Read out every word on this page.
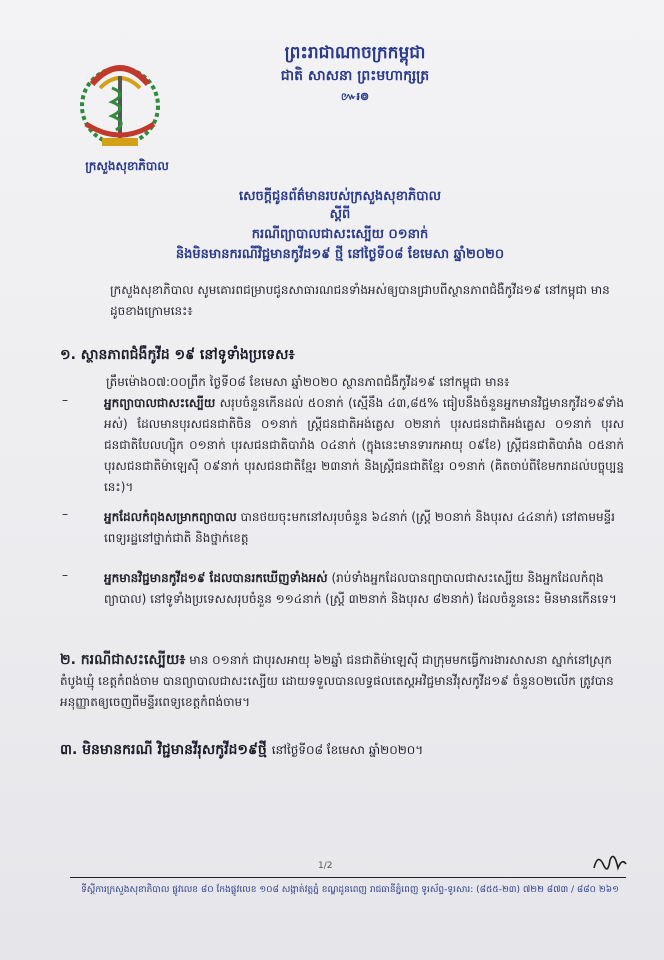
ក្រសួងសុខាភិបាល
ព្រះរាជាណាចក្រកម្ពុជា
ជាតិ សាសនា ព្រះមហាក្សត្រ
៚៛៙
សេចក្តីជូនព័ត៌មានរបស់ក្រសួងសុខាភិបាល
ស្តីពី
ករណីព្យាបាលជាសះស្បើយ ០១នាក់
និងមិនមានករណីវិជ្ជមានកូវីដ១៩ ថ្មី នៅថ្ងៃទី០៨ ខែមេសា ឆ្នាំ២០២០
ក្រសួងសុខាភិបាល សូមគោរពជម្រាបជូនសាធារណជនទាំងអស់ឲ្យបានជ្រាបពីស្ថានភាពជំងឺកូវីដ១៩ នៅកម្ពុជា មានដូចខាងក្រោមនេះ៖
១. ស្ថានភាពជំងឺកូវីដ ១៩ នៅទូទាំងប្រទេស៖
ត្រឹមម៉ោង០៧:០០ព្រឹក ថ្ងៃទី០៨ ខែមេសា ឆ្នាំ២០២០ ស្ថានភាពជំងឺកូវីដ១៩ នៅកម្ពុជា មាន៖
–	អ្នកព្យាបាលជាសះស្បើយ សរុបចំនួនកើនដល់ ៥០នាក់ (ស្មើនឹង ៤៣,៨៥% ធៀបនឹងចំនួនអ្នកមានវិជ្ជមានកូវីដ១៩ទាំងអស់) ដែលមានបុរសជនជាតិចិន ០១នាក់ ស្ត្រីជនជាតិអង់គ្លេស ០២នាក់ បុរសជនជាតិអង់គ្លេស ០១នាក់ បុរសជនជាតិបែលហ្ស៊ិក ០១នាក់ បុរសជនជាតិបារាំង ០៤នាក់ (ក្នុងនេះមានទារកអាយុ ០៩ខែ) ស្ត្រីជនជាតិបារាំង ០៥នាក់ បុរសជនជាតិម៉ាឡេស៊ី ០៩នាក់ បុរសជនជាតិខ្មែរ ២៣នាក់ និងស្ត្រីជនជាតិខ្មែរ ០១នាក់ (គិតចាប់ពីខែមករាដល់បច្ចុប្បន្ននេះ)។
–	អ្នកដែលកំពុងសម្រាកព្យាបាល បានថយចុះមកនៅសរុបចំនួន ៦៤នាក់ (ស្ត្រី ២០នាក់ និងបុរស ៤៤នាក់) នៅតាមមន្ទីរពេទ្យរដ្ឋនៅថ្នាក់ជាតិ និងថ្នាក់ខេត្ត
–	អ្នកមានវិជ្ជមានកូវីដ១៩ ដែលបានរកឃើញទាំងអស់ (រាប់ទាំងអ្នកដែលបានព្យាបាលជាសះស្បើយ និងអ្នកដែលកំពុងព្យាបាល) នៅទូទាំងប្រទេសសរុបចំនួន ១១៤នាក់ (ស្ត្រី ៣២នាក់ និងបុរស ៨២នាក់) ដែលចំនួននេះ មិនមានកើនទេ។
២. ករណីជាសះស្បើយ៖ មាន ០១នាក់ ជាបុរសអាយុ ៦២ឆ្នាំ ជនជាតិម៉ាឡេស៊ី ជាក្រុមមកធ្វើការងារសាសនា ស្នាក់នៅស្រុកតំបូងឃ្មុំ ខេត្តកំពង់ចាម បានព្យាបាលជាសះស្បើយ ដោយទទួលបានលទ្ធផលតេស្តអវិជ្ជមានវីរុសកូវីដ១៩ ចំនួន០២លើក ត្រូវបានអនុញ្ញាតឲ្យចេញពីមន្ទីរពេទ្យខេត្តកំពង់ចាម។
៣. មិនមានករណី វិជ្ជមានវីរុសកូវីដ១៩ថ្មី នៅថ្ងៃទី០៨ ខែមេសា ឆ្នាំ២០២០។
1/2
ទីស្តីការក្រសួងសុខាភិបាល ផ្លូវលេខ ៨០ កែងផ្លូវលេខ ១០៨ សង្កាត់វត្តភ្នំ ខណ្ឌដូនពេញ រាជធានីភ្នំពេញ ទូរស័ព្ទ-ទូរសារ: (៨៥៥-២៣) ៧២២ ៨៧៣ / ៨៨០ ២៦១
